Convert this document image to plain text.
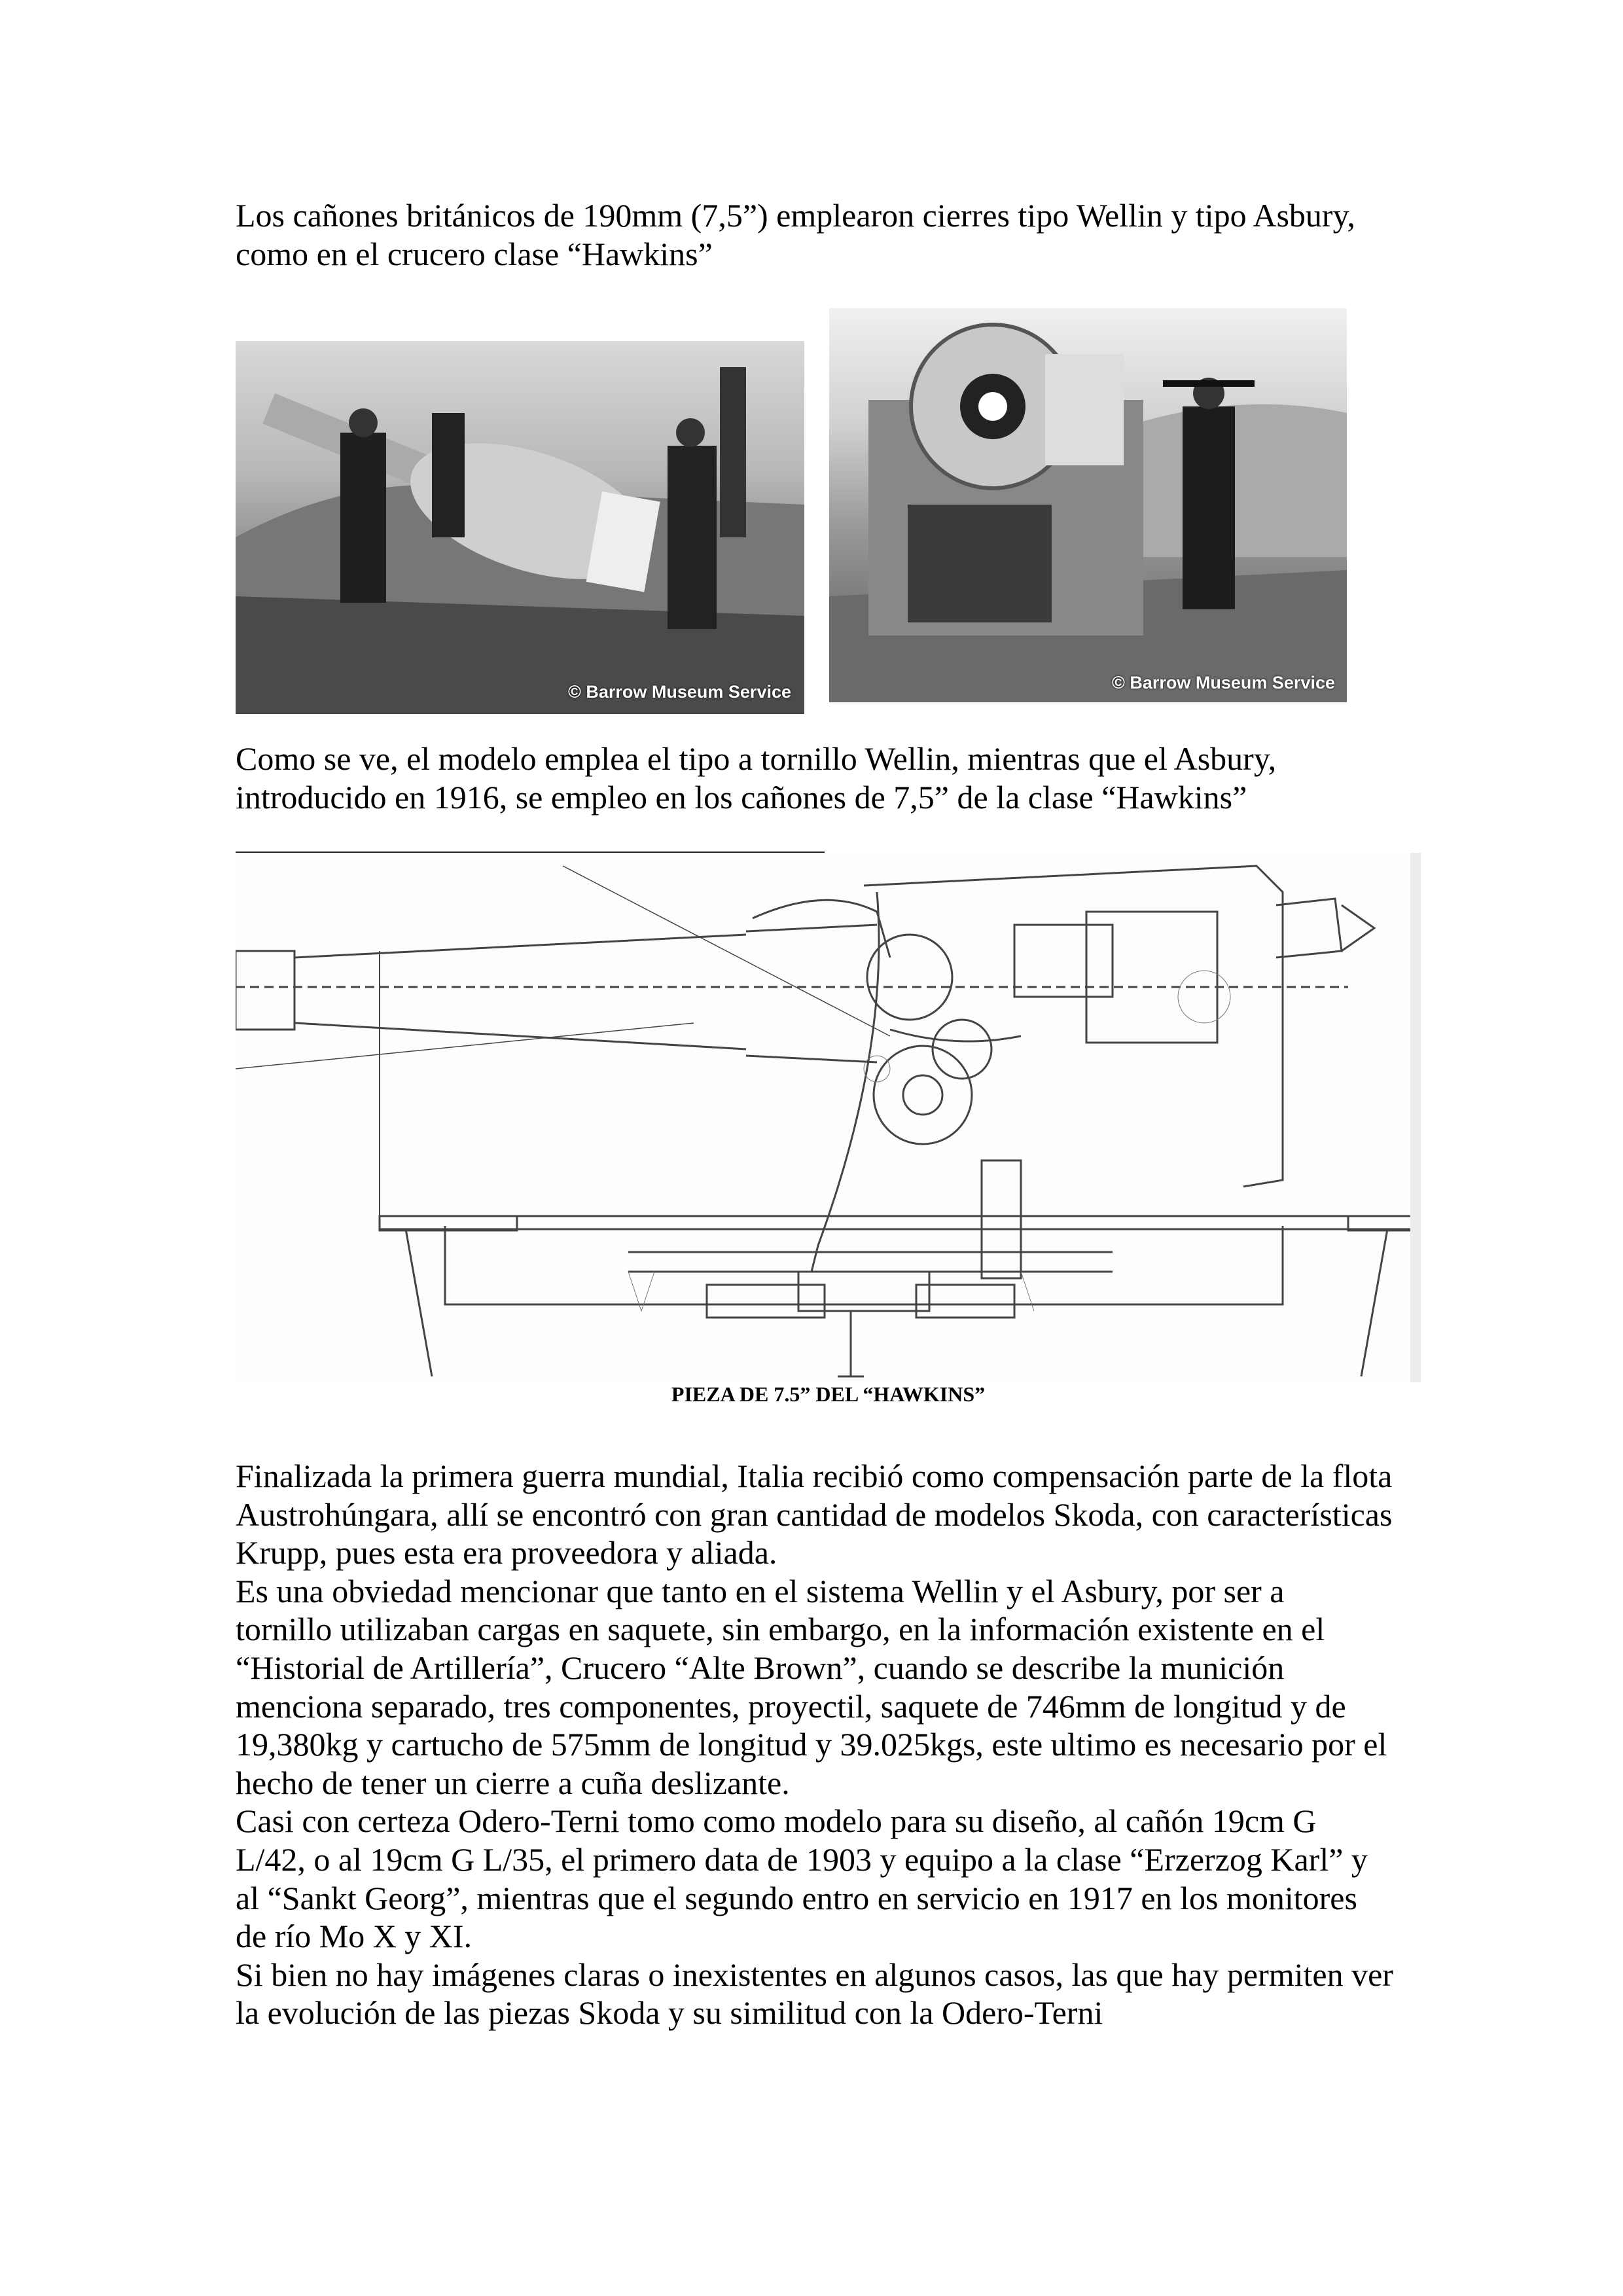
Los cañones británicos de 190mm (7,5”) emplearon cierres tipo Wellin y tipo Asbury,
como en el crucero clase “Hawkins”
© Barrow Museum Service	© Barrow Museum Service
Como se ve, el modelo emplea el tipo a tornillo Wellin, mientras que el Asbury,
introducido en 1916, se empleo en los cañones de 7,5” de la clase “Hawkins”
PIEZA DE 7.5” DEL “HAWKINS”
Finalizada la primera guerra mundial, Italia recibió como compensación parte de la flota
Austrohúngara, allí se encontró con gran cantidad de modelos Skoda, con características
Krupp, pues esta era proveedora y aliada.
Es una obviedad mencionar que tanto en el sistema Wellin y el Asbury, por ser a
tornillo utilizaban cargas en saquete, sin embargo, en la información existente en el
“Historial de Artillería”, Crucero “Alte Brown”, cuando se describe la munición
menciona separado, tres componentes, proyectil, saquete de 746mm de longitud y de
19,380kg y cartucho de 575mm de longitud y 39.025kgs, este ultimo es necesario por el
hecho de tener un cierre a cuña deslizante.
Casi con certeza Odero-Terni tomo como modelo para su diseño, al cañón 19cm G
L/42, o al 19cm G L/35, el primero data de 1903 y equipo a la clase “Erzerzog Karl” y
al “Sankt Georg”, mientras que el segundo entro en servicio en 1917 en los monitores
de río Mo X y XI.
Si bien no hay imágenes claras o inexistentes en algunos casos, las que hay permiten ver
la evolución de las piezas Skoda y su similitud con la Odero-Terni
